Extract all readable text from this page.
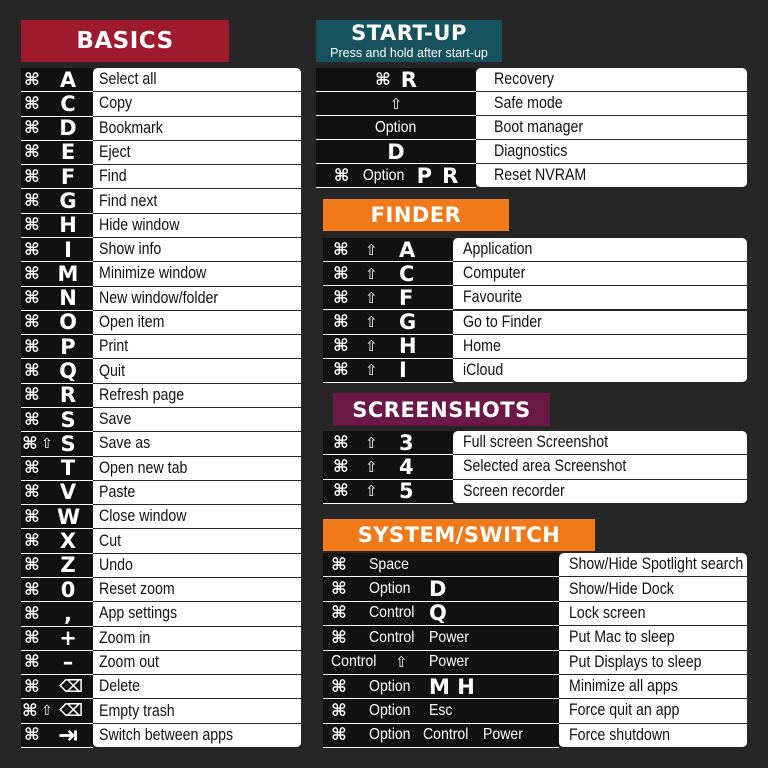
BASICS	START-UP
Press and hold after start-up
FINDER
SCREENSHOTS
SYSTEM/SWITCH
⌘ A Select all
⌘ C Copy
⌘ D Bookmark
⌘ E Eject
⌘ F Find
⌘ G Find next
⌘ H Hide window
⌘	I	Show info
⌘ M Minimize window
⌘ N New window/folder
⌘ O Open item
⌘ P Print
⌘ Q Quit
⌘ R Refresh page
⌘ S Save
⌘ ⇧ S Save as
⌘ T Open new tab
⌘ V Paste
⌘ W Close window
⌘ X Cut
⌘ Z Undo
⌘ 0 Reset zoom
⌘	,	App settings
⌘ + Zoom in
⌘ –	Zoom out
⌘ ⌫ Delete
⌘ ⇧ ⌫ Empty trash
⌘ ⇥ Switch between apps
⌘ R	Recovery
⇧	Safe mode
Option	Boot manager
D	Diagnostics
⌘ Option P R Reset NVRAM
⌘ ⇧ A	Application
⌘ ⇧ C	Computer
⌘ ⇧ F	Favourite
⌘ ⇧ G	Go to Finder
⌘ ⇧ H	Home
⌘ ⇧ I	iCloud
⌘ ⇧ 3	Full screen Screenshot
⌘ ⇧ 4	Selected area Screenshot
⌘ ⇧ 5	Screen recorder
⌘ Space	Show/Hide Spotlight search
⌘ Option D	Show/Hide Dock
⌘ Control Q	Lock screen
⌘ Control Power	Put Mac to sleep
Control ⇧ Power	Put Displays to sleep
⌘ Option M H	Minimize all apps
⌘ Option Esc	Force quit an app
⌘ Option Control Power	Force shutdown
